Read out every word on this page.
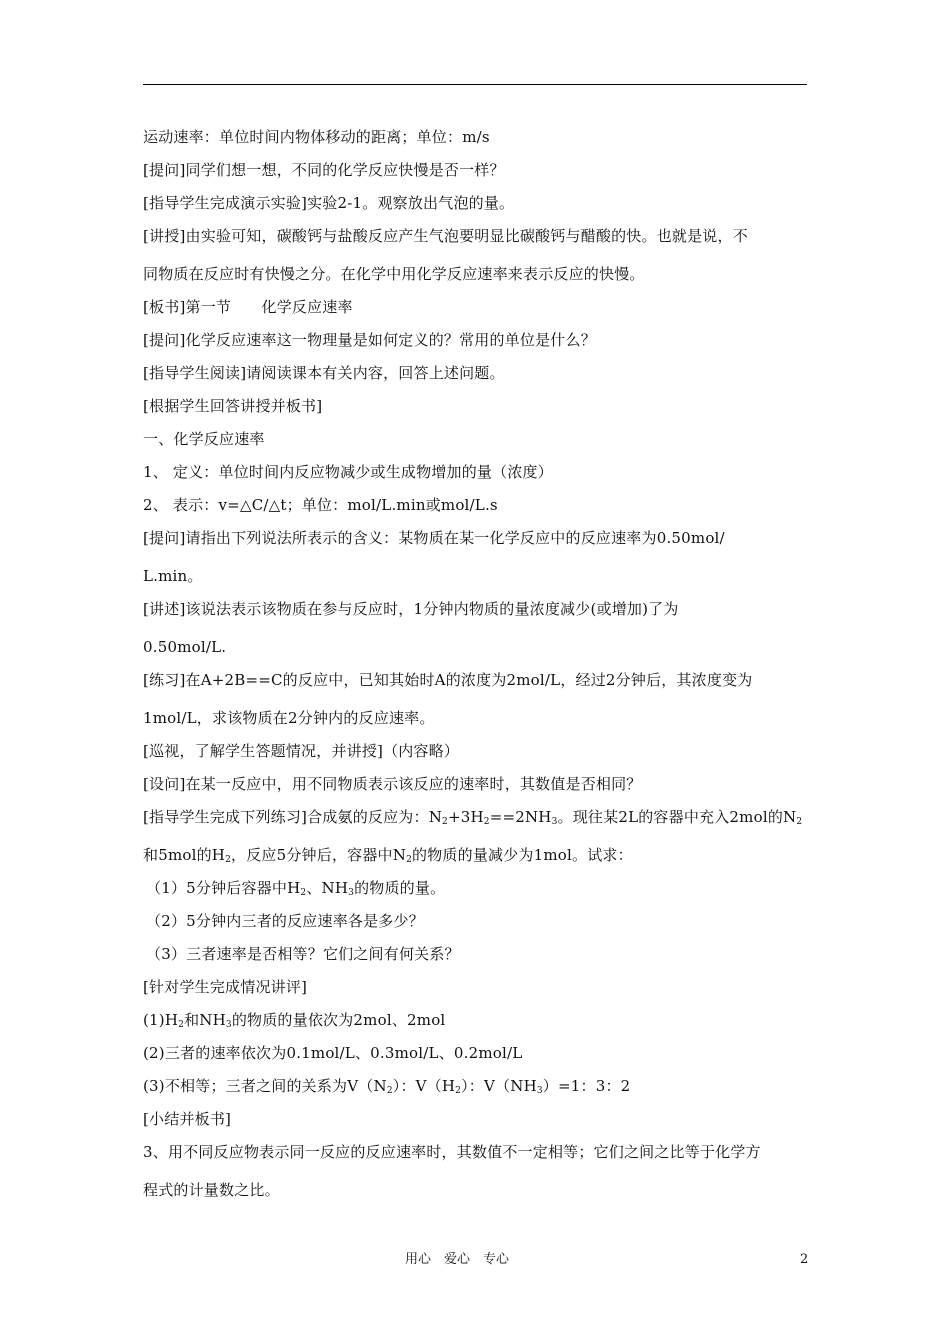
运动速率：单位时间内物体移动的距离；单位：m/s
[提问]同学们想一想，不同的化学反应快慢是否一样？
[指导学生完成演示实验]实验2-1。观察放出气泡的量。
[讲授]由实验可知，碳酸钙与盐酸反应产生气泡要明显比碳酸钙与醋酸的快。也就是说，不
同物质在反应时有快慢之分。在化学中用化学反应速率来表示反应的快慢。
[板书]第一节　　化学反应速率
[提问]化学反应速率这一物理量是如何定义的？常用的单位是什么？
[指导学生阅读]请阅读课本有关内容，回答上述问题。
[根据学生回答讲授并板书]
一、化学反应速率
1、 定义：单位时间内反应物减少或生成物增加的量（浓度）
2、 表示：v=△C/△t；单位：mol/L.min或mol/L.s
[提问]请指出下列说法所表示的含义：某物质在某一化学反应中的反应速率为0.50mol/
L.min。
[讲述]该说法表示该物质在参与反应时，1分钟内物质的量浓度减少(或增加)了为
0.50mol/L.
[练习]在A+2B==C的反应中，已知其始时A的浓度为2mol/L，经过2分钟后，其浓度变为
1mol/L，求该物质在2分钟内的反应速率。
[巡视，了解学生答题情况，并讲授]（内容略）
[设问]在某一反应中，用不同物质表示该反应的速率时，其数值是否相同？
[指导学生完成下列练习]合成氨的反应为：$N_2+3H_2==2NH_3$。现往某2L的容器中充入2mol的$N_2$
和5mol的$H_2$，反应5分钟后，容器中$N_2$的物质的量减少为1mol。试求：
（1）5分钟后容器中$H_2$、$NH_3$的物质的量。
（2）5分钟内三者的反应速率各是多少？
（3）三者速率是否相等？它们之间有何关系？
[针对学生完成情况讲评]
$(1)H_2$和$NH_3$的物质的量依次为2mol、2mol
(2)三者的速率依次为0.1mol/L、0.3mol/L、0.2mol/L
(3)不相等；三者之间的关系为$V(N_2)$：$V(H_2)$：$V(NH_3)=1$：3：2
[小结并板书]
3、用不同反应物表示同一反应的反应速率时，其数值不一定相等；它们之间之比等于化学方
程式的计量数之比。
用心　爱心　专心	2
